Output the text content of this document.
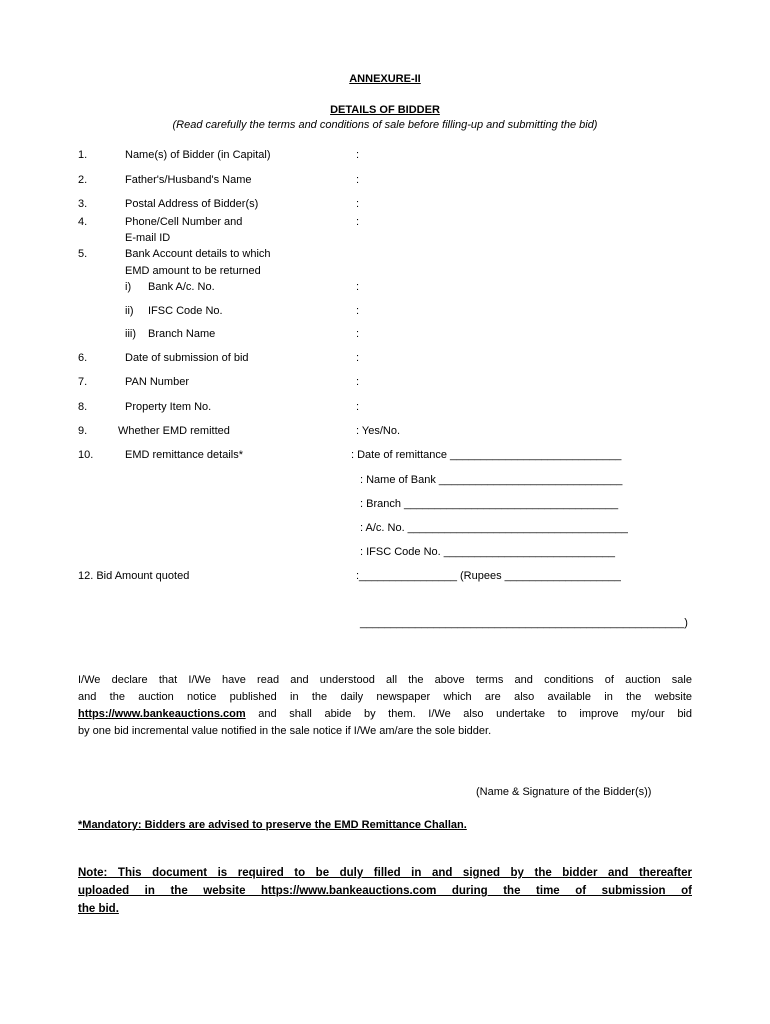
ANNEXURE-II
DETAILS OF BIDDER
(Read carefully the terms and conditions of sale before filling-up and submitting the bid)
1.	Name(s) of Bidder (in Capital)	:
2.	Father's/Husband's Name	:
3.	Postal Address of Bidder(s)	:
4.	Phone/Cell Number and
E-mail ID
:
5.	Bank Account details to which
EMD amount to be returned
i) Bank A/c. No.	:
ii) IFSC Code No.	:
iii) Branch Name	:
6.	Date of submission of bid	:
7.	PAN Number	:
8.	Property Item No.	:
9.	Whether EMD remitted	: Yes/No.
10.	EMD remittance details*	: Date of remittance ____________________________
: Name of Bank ______________________________
: Branch ___________________________________
: A/c. No. ____________________________________
: IFSC Code No. ____________________________
12. Bid Amount quoted	:________________ (Rupees ___________________
_____________________________________________________)
I/We declare that I/We have read and understood all the above terms and conditions of auction sale
and the auction notice published in the daily newspaper which are also available in the website
https://www.bankeauctions.com and shall abide by them. I/We also undertake to improve my/our bid
by one bid incremental value notified in the sale notice if I/We am/are the sole bidder.
(Name & Signature of the Bidder(s))
*Mandatory: Bidders are advised to preserve the EMD Remittance Challan.
Note: This document is required to be duly filled in and signed by the bidder and thereafter
uploaded in the website https://www.bankeauctions.com during the time of submission of
the bid.
